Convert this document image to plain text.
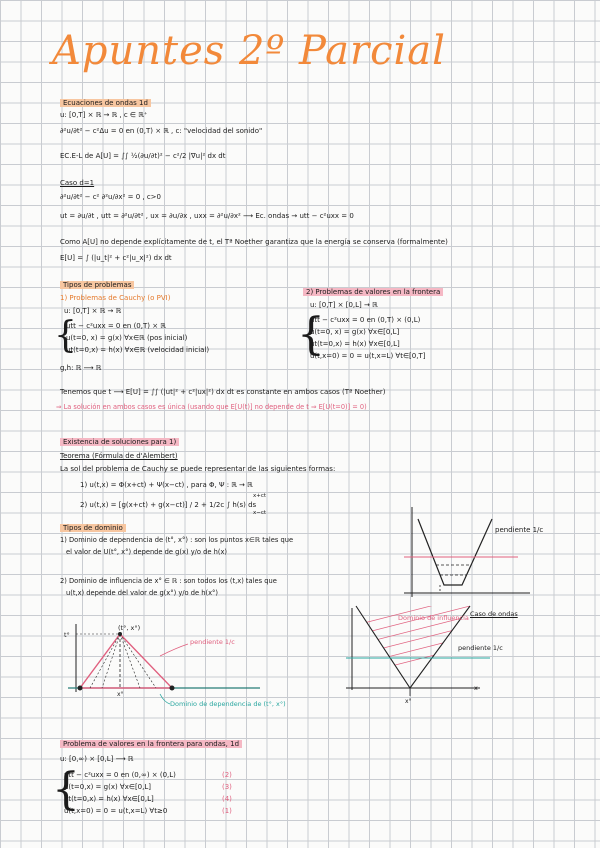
Apuntes 2º Parcial
Ecuaciones de ondas 1d
u: [0,T] × ℝ → ℝ , c ∈ ℝ⁺
∂²u/∂t² − c²Δu = 0 en (0,T) × ℝ , c: "velocidad del sonido"
EC.E-L de A[U] = ∫∫ ½(∂u/∂t)² − c²/2 |∇u|² dx dt
Caso d=1
∂²u/∂t² − c² ∂²u/∂x² = 0 , c>0
ut = ∂u/∂t , utt = ∂²u/∂t² , ux = ∂u/∂x , uxx = ∂²u/∂x² ⟶ Ec. ondas → utt − c²uxx = 0
Como A[U] no depende explícitamente de t, el Tª Noether garantiza que la energía se conserva (formalmente)
E[U] = ∫ (|u_t|² + c²|u_x|²) dx dt
Tipos de problemas
1) Problemas de Cauchy (o PVI)
u: [0,T] × ℝ → ℝ
{
utt − c²uxx = 0 en (0,T) × ℝ
u(t=0, x) = g(x) ∀x∈ℝ (pos inicial)
ut(t=0,x) = h(x) ∀x∈ℝ (velocidad inicial)
g,h: ℝ ⟶ ℝ
2) Problemas de valores en la frontera
u: [0,T] × [0,L] → ℝ
{
utt − c²uxx = 0 en (0,T) × (0,L)
u(t=0, x) = g(x) ∀x∈[0,L]
ut(t=0,x) = h(x) ∀x∈[0,L]
u(t,x=0) = 0 = u(t,x=L) ∀t∈[0,T]
Tenemos que t ⟶ E[U] = ∫∫ (|ut|² + c²|ux|²) dx dt es constante en ambos casos (Tª Noether)
⇒ La solución en ambos casos es única (usando que E[U(t)] no depende de t ⇒ E[U(t=0)] = 0)
Existencia de soluciones para 1)
Teorema (Fórmula de d'Alembert)
La sol del problema de Cauchy se puede representar de las siguientes formas:
1) u(t,x) = Φ(x+ct) + Ψ(x−ct) , para Φ, Ψ : ℝ → ℝ
2) u(t,x) = [g(x+ct) + g(x−ct)] / 2 + 1/2c ∫ h(s) ds
x+ct
x−ct
Tipos de dominio
1) Dominio de dependencia de (t°, x°) : son los puntos x∈ℝ tales que
el valor de U(t°, x°) depende de g(x) y/o de h(x)
2) Dominio de influencia de x° ∈ ℝ : son todos los (t,x) tales que
u(t,x) depende del valor de g(x°) y/o de h(x°)
pendiente 1/c
Caso de ondas
(t°, x°)
t°
x°
pendiente 1/c
Dominio de dependencia de (t°, x°)
Dominio de influencia
pendiente 1/c
x
x°
Problema de valores en la frontera para ondas, 1d
u: [0,∞) × [0,L] ⟶ ℝ
{
utt − c²uxx = 0 en (0,∞) × (0,L)
u(t=0,x) = g(x) ∀x∈[0,L]
ut(t=0,x) = h(x) ∀x∈[0,L]
u(t,x=0) = 0 = u(t,x=L) ∀t≥0
(2)
(3)
(4)
(1)
